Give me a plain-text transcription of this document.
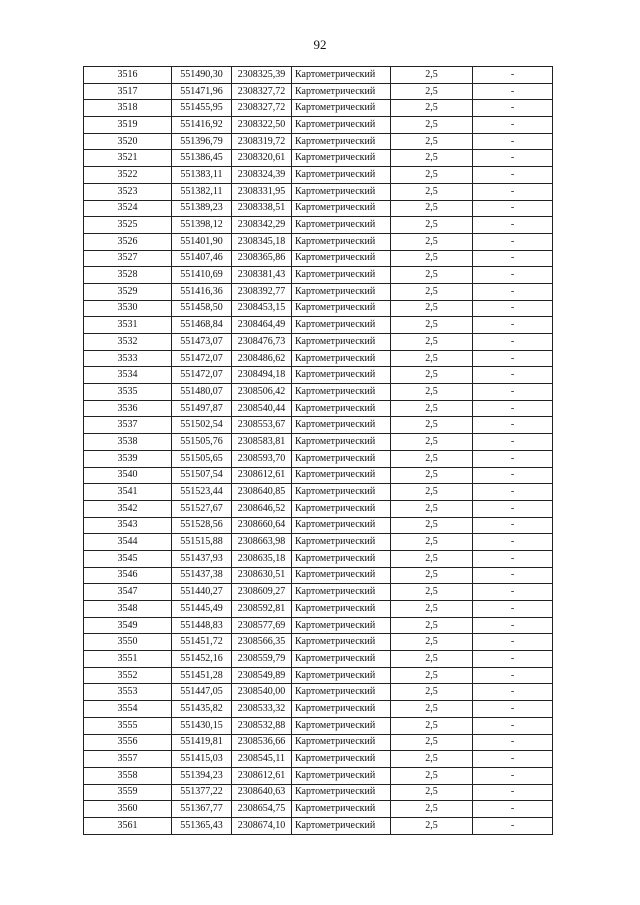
92
3516	551490,30	2308325,39	Картометрический	2,5	-
3517	551471,96	2308327,72	Картометрический	2,5	-
3518	551455,95	2308327,72	Картометрический	2,5	-
3519	551416,92	2308322,50	Картометрический	2,5	-
3520	551396,79	2308319,72	Картометрический	2,5	-
3521	551386,45	2308320,61	Картометрический	2,5	-
3522	551383,11	2308324,39	Картометрический	2,5	-
3523	551382,11	2308331,95	Картометрический	2,5	-
3524	551389,23	2308338,51	Картометрический	2,5	-
3525	551398,12	2308342,29	Картометрический	2,5	-
3526	551401,90	2308345,18	Картометрический	2,5	-
3527	551407,46	2308365,86	Картометрический	2,5	-
3528	551410,69	2308381,43	Картометрический	2,5	-
3529	551416,36	2308392,77	Картометрический	2,5	-
3530	551458,50	2308453,15	Картометрический	2,5	-
3531	551468,84	2308464,49	Картометрический	2,5	-
3532	551473,07	2308476,73	Картометрический	2,5	-
3533	551472,07	2308486,62	Картометрический	2,5	-
3534	551472,07	2308494,18	Картометрический	2,5	-
3535	551480,07	2308506,42	Картометрический	2,5	-
3536	551497,87	2308540,44	Картометрический	2,5	-
3537	551502,54	2308553,67	Картометрический	2,5	-
3538	551505,76	2308583,81	Картометрический	2,5	-
3539	551505,65	2308593,70	Картометрический	2,5	-
3540	551507,54	2308612,61	Картометрический	2,5	-
3541	551523,44	2308640,85	Картометрический	2,5	-
3542	551527,67	2308646,52	Картометрический	2,5	-
3543	551528,56	2308660,64	Картометрический	2,5	-
3544	551515,88	2308663,98	Картометрический	2,5	-
3545	551437,93	2308635,18	Картометрический	2,5	-
3546	551437,38	2308630,51	Картометрический	2,5	-
3547	551440,27	2308609,27	Картометрический	2,5	-
3548	551445,49	2308592,81	Картометрический	2,5	-
3549	551448,83	2308577,69	Картометрический	2,5	-
3550	551451,72	2308566,35	Картометрический	2,5	-
3551	551452,16	2308559,79	Картометрический	2,5	-
3552	551451,28	2308549,89	Картометрический	2,5	-
3553	551447,05	2308540,00	Картометрический	2,5	-
3554	551435,82	2308533,32	Картометрический	2,5	-
3555	551430,15	2308532,88	Картометрический	2,5	-
3556	551419,81	2308536,66	Картометрический	2,5	-
3557	551415,03	2308545,11	Картометрический	2,5	-
3558	551394,23	2308612,61	Картометрический	2,5	-
3559	551377,22	2308640,63	Картометрический	2,5	-
3560	551367,77	2308654,75	Картометрический	2,5	-
3561	551365,43	2308674,10	Картометрический	2,5	-
